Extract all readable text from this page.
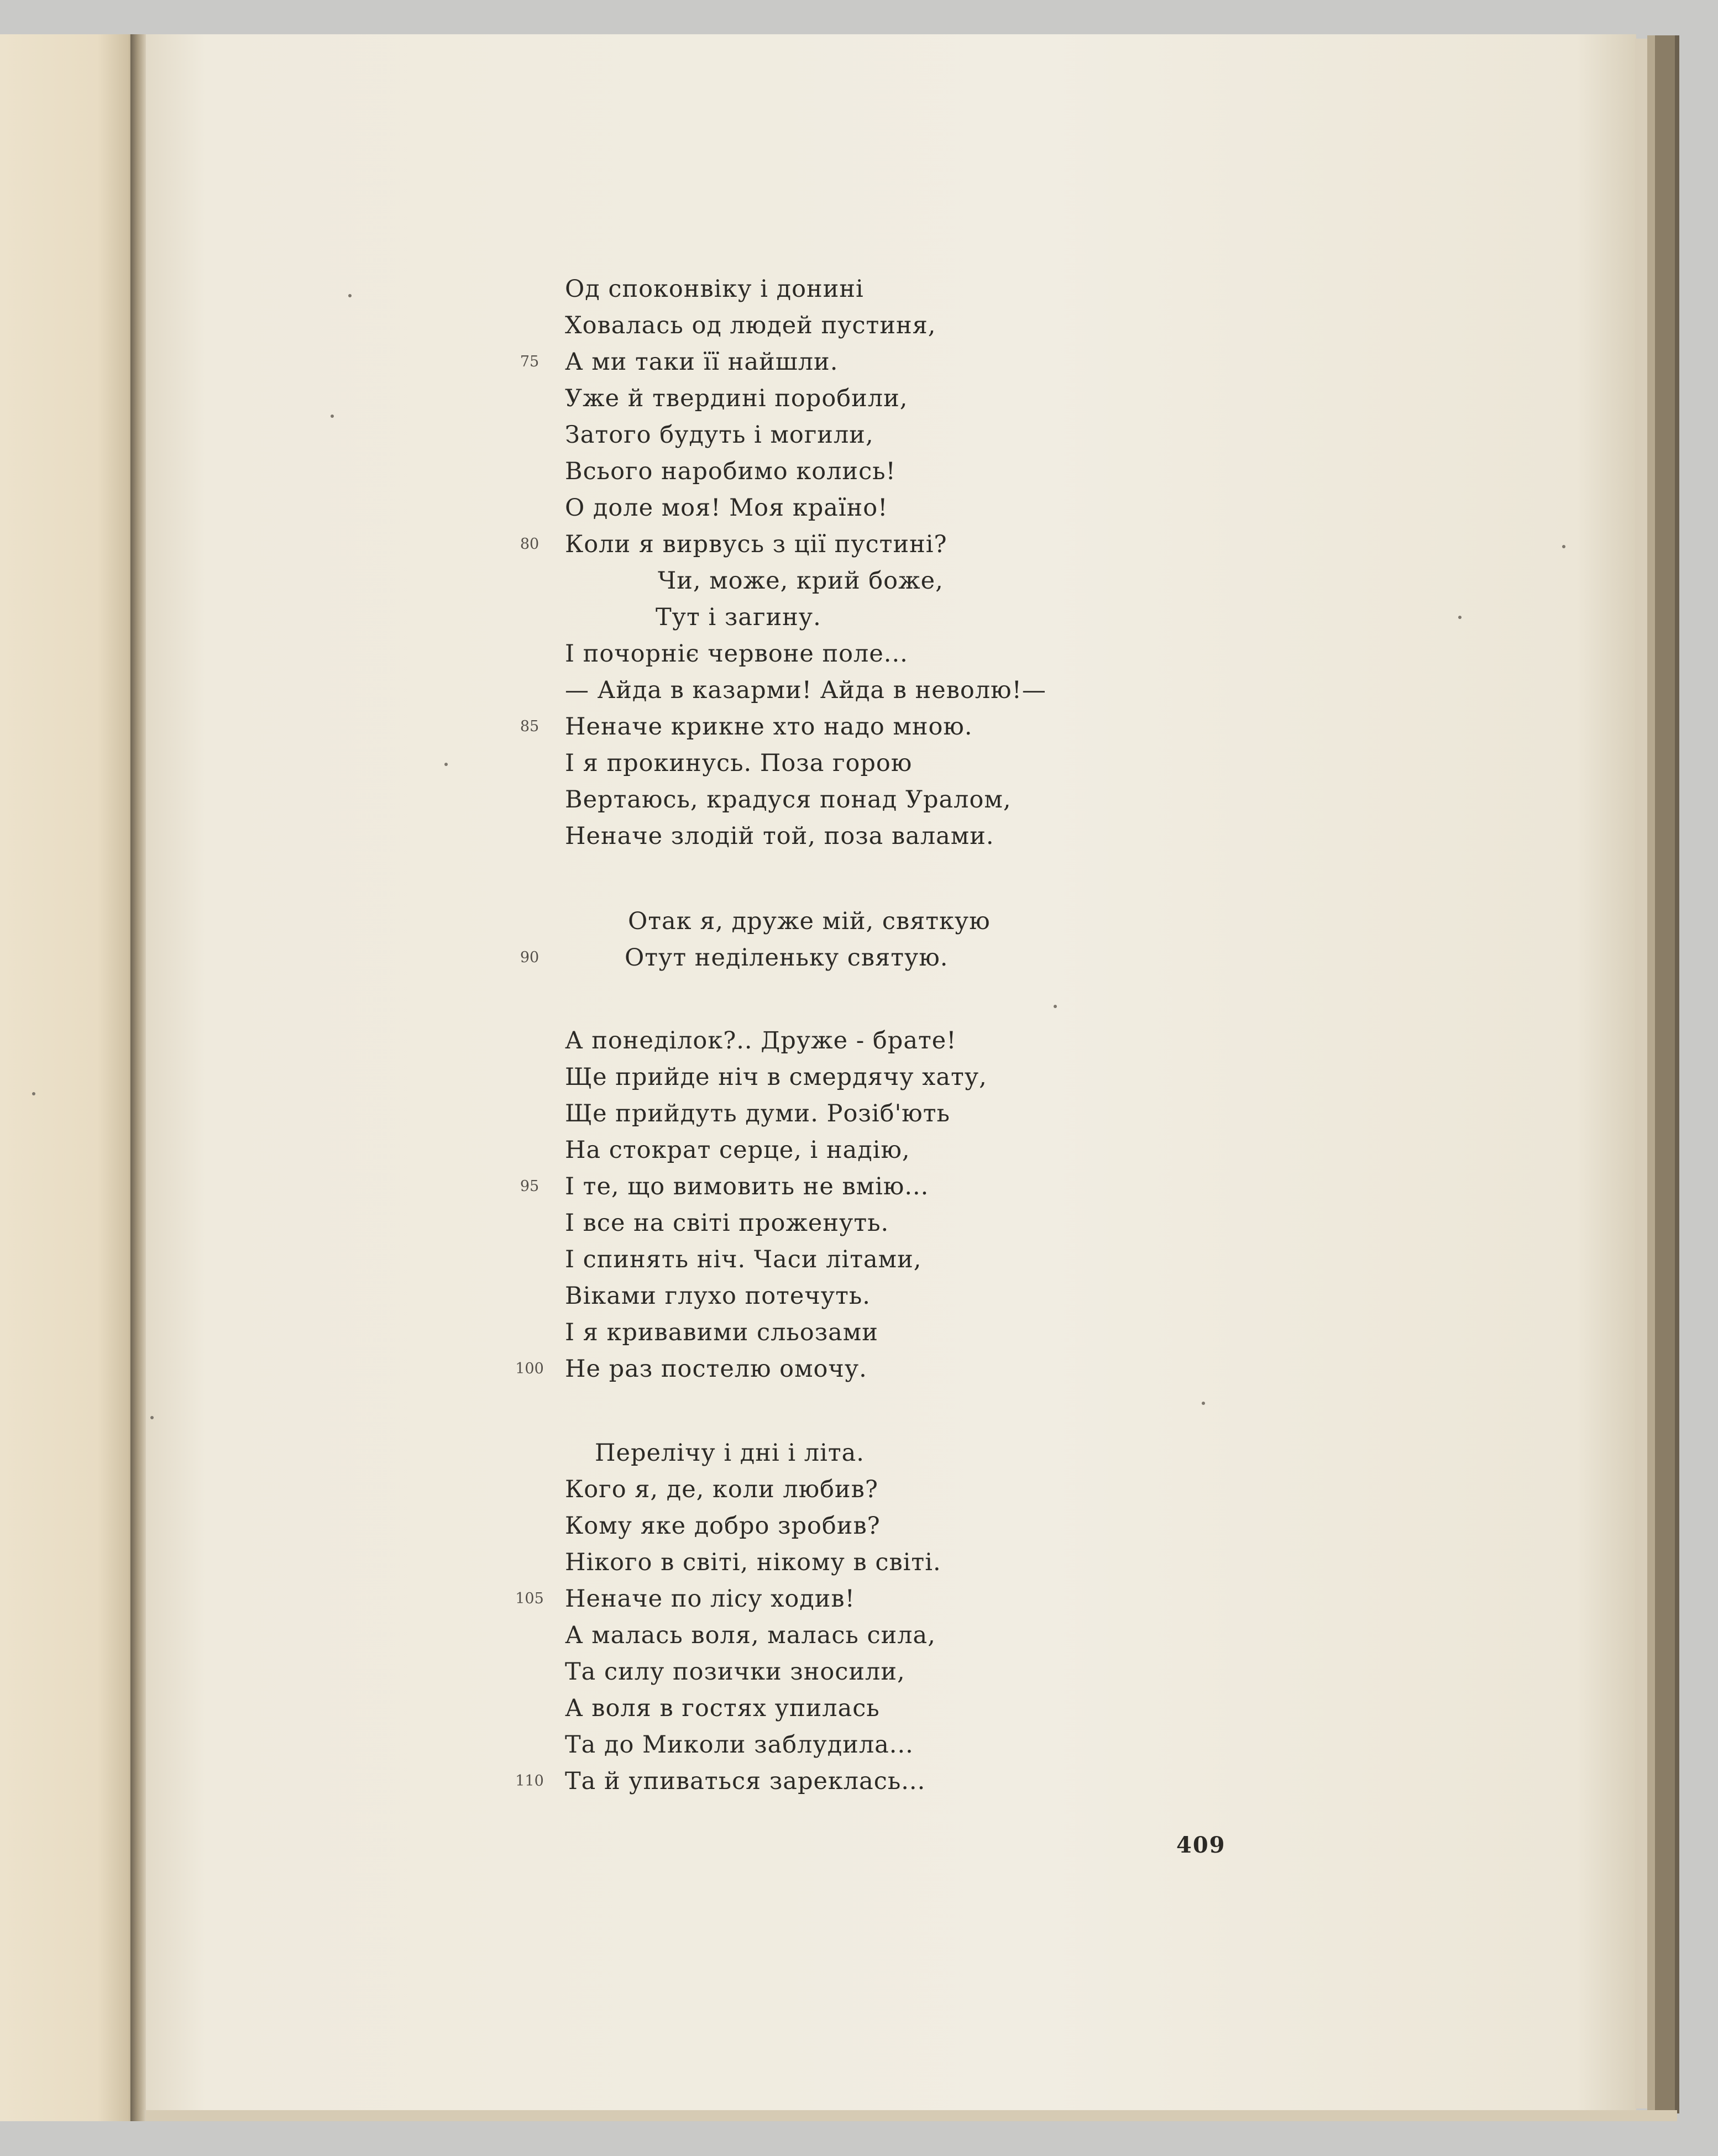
Од споконвіку і донині
Ховалась од людей пустиня,
А ми таки її найшли.
Уже й твердині поробили,
Затого будуть і могили,
Всього наробимо колись!
О доле моя! Моя краïно!
Коли я вирвусь з цiї пустині?
Чи, може, крий боже,
Тут і загину.
І почорніє червоне поле...
— Айда в казарми! Айда в неволю!—
Неначе крикне хто надо мною.
І я прокинусь. Поза горою
Вертаюсь, крадуся понад Уралом,
Неначе злодій той, поза валами.
Отак я, друже мій, святкую
Отут неділеньку святую.
А понеділок?.. Друже - брате!
Ще прийде ніч в смердячу хату,
Ще прийдуть думи. Розіб'ють
На стократ серце, і надію,
І те, що вимовить не вмію...
І все на світі проженуть.
І спинять ніч. Часи літами,
Віками глухо потечуть.
І я кривавими сльозами
Не раз постелю омочу.
Перелічу і дні і літа.
Кого я, де, коли любив?
Кому яке добро зробив?
Нікого в світі, нікому в світі.
Неначе по лісу ходив!
А малась воля, малась сила,
Та силу позички зносили,
А воля в гостях упилась
Та до Миколи заблудила...
Та й упиваться зареклась...
75
80
85
90
95
100
105
110
409
